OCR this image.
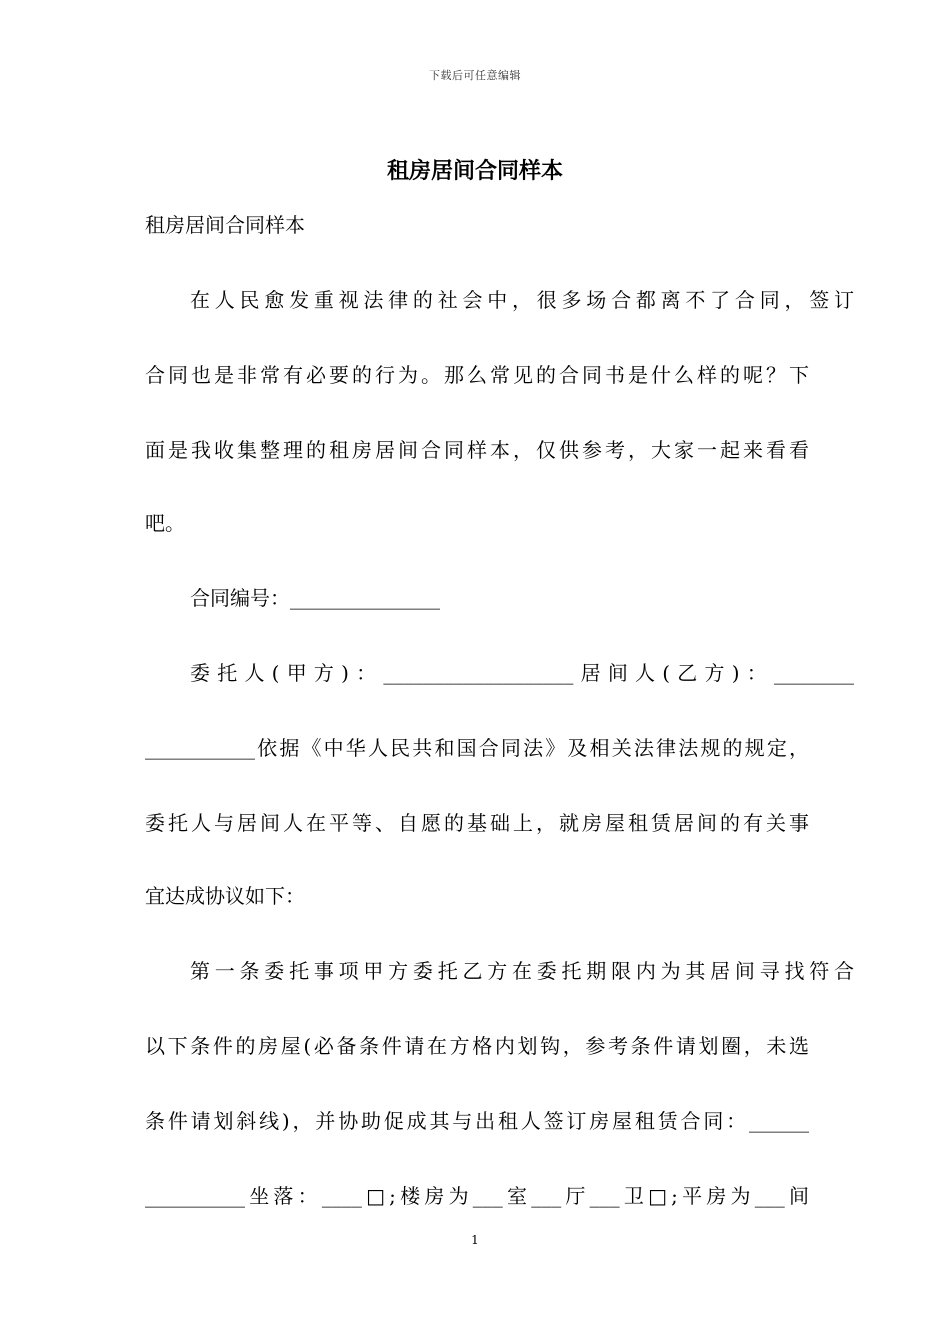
下载后可任意编辑
租房居间合同样本
租房居间合同样本
在人民愈发重视法律的社会中，很多场合都离不了合同，签订
合同也是非常有必要的行为。那么常见的合同书是什么样的呢？下
面是我收集整理的租房居间合同样本，仅供参考，大家一起来看看
吧。
合同编号：_______________
委托人(甲方)：___________________居间人(乙方)：________
___________依据《中华人民共和国合同法》及相关法律法规的规定，
委托人与居间人在平等、自愿的基础上，就房屋租赁居间的有关事
宜达成协议如下：
第一条委托事项甲方委托乙方在委托期限内为其居间寻找符合
以下条件的房屋(必备条件请在方格内划钩，参考条件请划圈，未选
条件请划斜线)，并协助促成其与出租人签订房屋租赁合同：______
__________坐落：____□;楼房为___室___厅___卫□;平房为___间
1
